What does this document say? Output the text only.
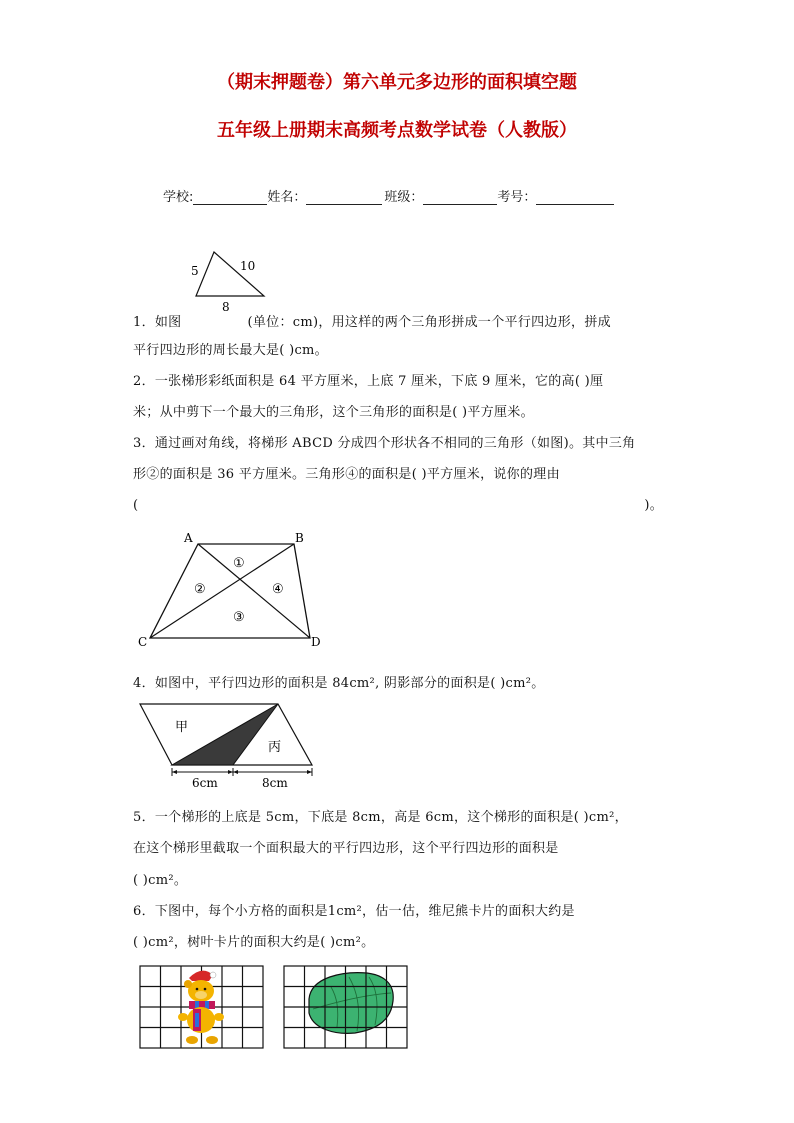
（期末押题卷）第六单元多边形的面积填空题
五年级上册期末高频考点数学试卷（人教版）
学校:	姓名：	班级：	考号：
5	10
8
1．如图	(单位：cm)，用这样的两个三角形拼成一个平行四边形，拼成
平行四边形的周长最大是( )cm。
2．一张梯形彩纸面积是 64 平方厘米，上底 7 厘米，下底 9 厘米，它的高( )厘
米；从中剪下一个最大的三角形，这个三角形的面积是( )平方厘米。
3．通过画对角线，将梯形 ABCD 分成四个形状各不相同的三角形（如图)。其中三角
形②的面积是 36 平方厘米。三角形④的面积是( )平方厘米，说你的理由
(	)。
A	B
C	D
①
②
③
④
4．如图中，平行四边形的面积是 84cm², 阴影部分的面积是( )cm²。
甲
丙
6cm	8cm
5．一个梯形的上底是 5cm，下底是 8cm，高是 6cm，这个梯形的面积是( )cm²，
在这个梯形里截取一个面积最大的平行四边形，这个平行四边形的面积是
( )cm²。
6．下图中，每个小方格的面积是1cm²，估一估，维尼熊卡片的面积大约是
( )cm²，树叶卡片的面积大约是( )cm²。
